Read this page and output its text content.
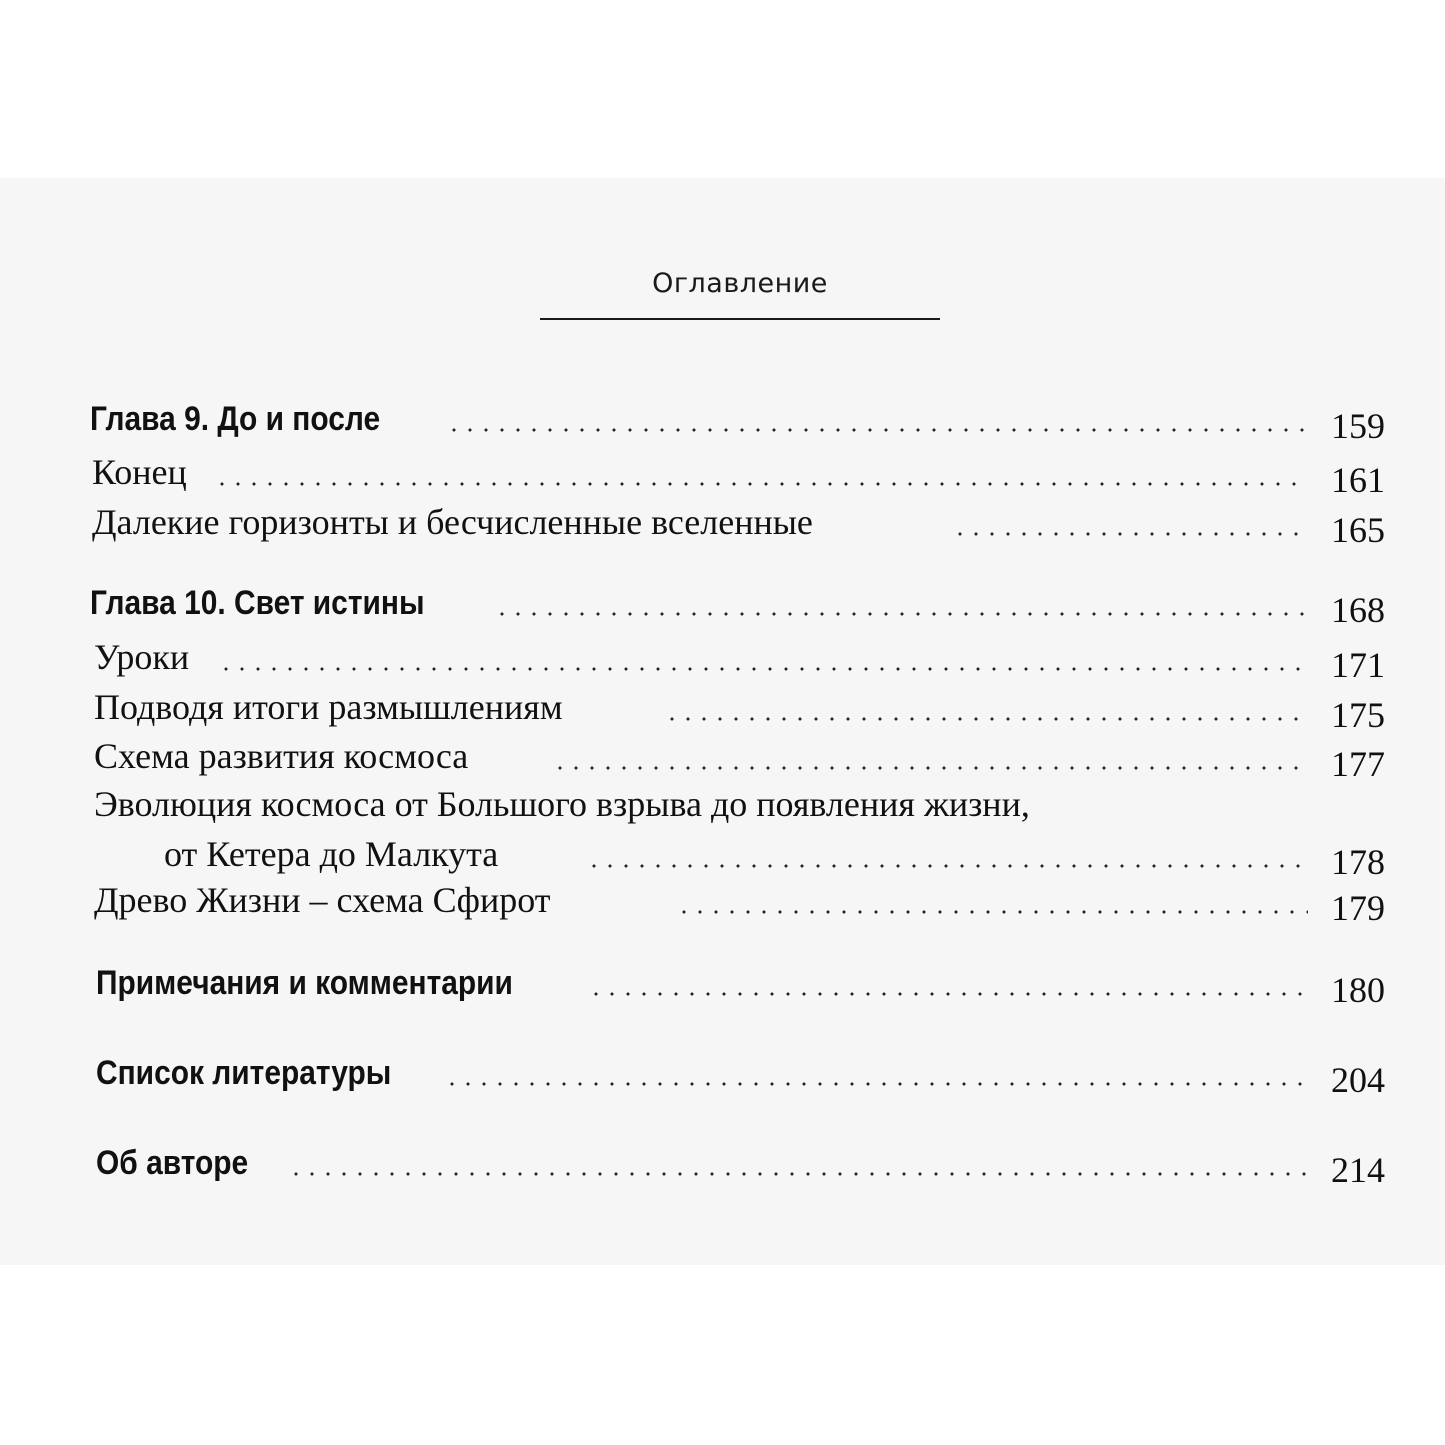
Оглавление
Глава 9. До и после	159
Конец	161
Далекие горизонты и бесчисленные вселенные	165
Глава 10. Свет истины	168
Уроки	171
Подводя итоги размышлениям	175
Схема развития космоса	177
Эволюция космоса от Большого взрыва до появления жизни,
от Кетера до Малкута	178
Древо Жизни – схема Сфирот	179
Примечания и комментарии	180
Список литературы	204
Об авторе	214
